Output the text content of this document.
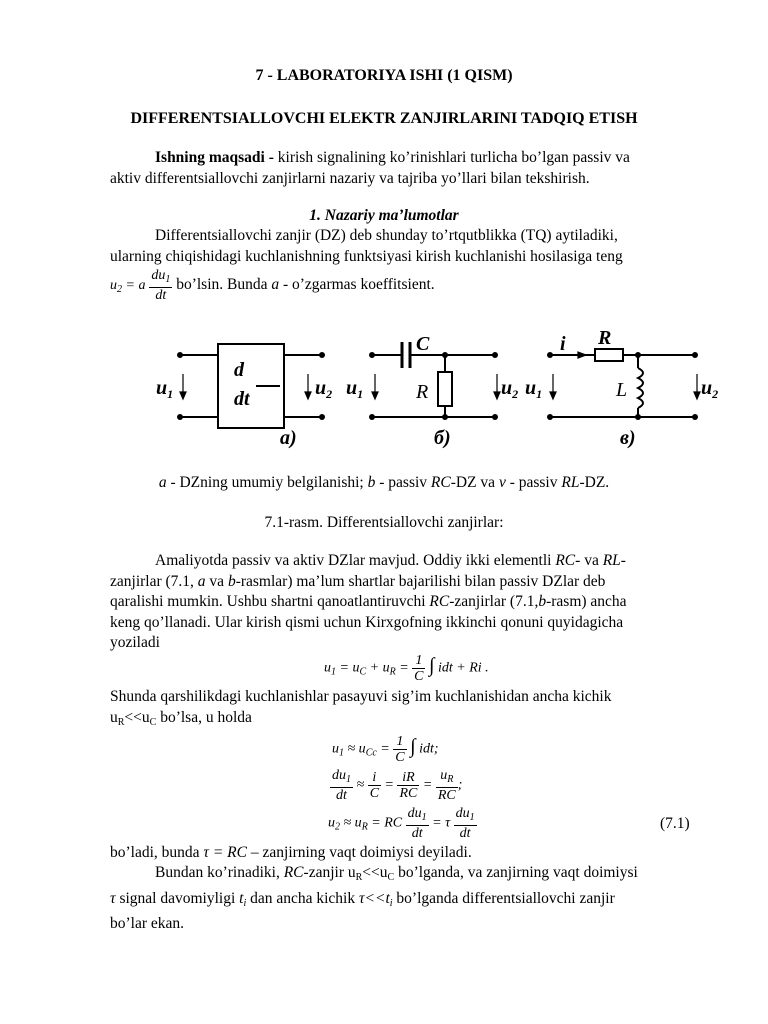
7 - LABORATORIYA ISHI (1 QISM)
DIFFERENTSIALLOVCHI ELEKTR ZANJIRLARINI TADQIQ ETISH
Ishning maqsadi - kirish signalining ko’rinishlari turlicha bo’lgan passiv va
aktiv differentsiallovchi zanjirlarni nazariy va tajriba yo’llari bilan tekshirish.
1. Nazariy ma’lumotlar
Differentsiallovchi zanjir (DZ) deb shunday to’rtqutblikka (TQ) aytiladiki,
ularning chiqishidagi kuchlanishning funktsiyasi kirish kuchlanishi hosilasiga teng
$u_2 = a \frac{du_1}{dt}$ bo’lsin. Bunda a - o’zgarmas koeffitsient.
d
dt
$u_1$	$u_2$ $u_1$	$u_2$ $u_1$	$u_2$
C	R
i
а)	б)	в)
R	L
a - DZning umumiy belgilanishi; b - passiv RC-DZ va v - passiv RL-DZ.
7.1-rasm. Differentsiallovchi zanjirlar:
Amaliyotda passiv va aktiv DZlar mavjud. Oddiy ikki elementli RC- va RL-
zanjirlar (7.1, a va b-rasmlar) ma’lum shartlar bajarilishi bilan passiv DZlar deb
qaralishi mumkin. Ushbu shartni qanoatlantiruvchi RC-zanjirlar (7.1,b-rasm) ancha
keng qo’llanadi. Ular kirish qismi uchun Kirxgofning ikkinchi qonuni quyidagicha
yoziladi
$u_1 = u_C + u_R = \frac{1}{C}$ ∫ idt + Ri .
Shunda qarshilikdagi kuchlanishlar pasayuvi sig’im kuchlanishidan ancha kichik
$u_R<<u_C$ bo’lsa, u holda
$u_1 \approx u_{Cc} = \frac{1}{C}$ ∫ idt;
$\frac{du_1}{dt} \approx \frac{i}{C} = \frac{iR}{RC} = \frac{u_R}{RC}$ ;
$u_2 \approx u_R$ = RC $\frac{du_1}{dt} = \tau \frac{du_1}{dt}$	(7.1)
bo’ladi, bunda τ = RC – zanjirning vaqt doimiysi deyiladi.
Bundan ko’rinadiki, RC-zanjir $u_R<<u_C$ bo’lganda, va zanjirning vaqt doimiysi
τ signal davomiyligi $t_i$ dan ancha kichik $\tau<<t_i$ bo’lganda differentsiallovchi zanjir
bo’lar ekan.
